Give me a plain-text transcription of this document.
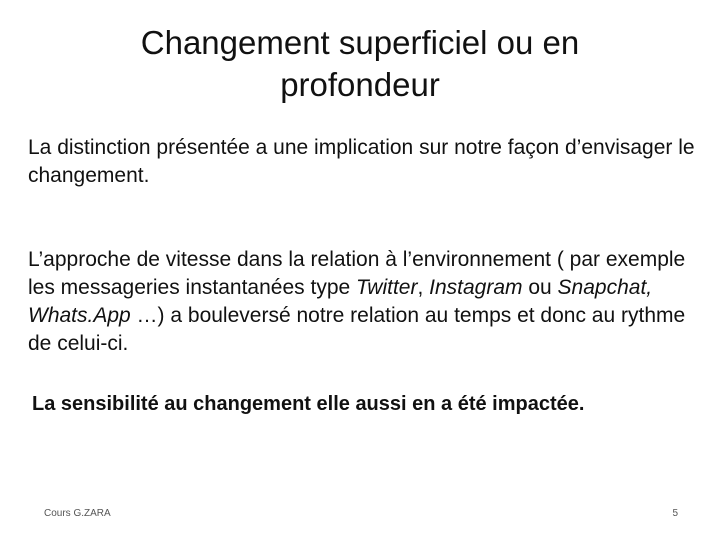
Changement superficiel ou en profondeur

La distinction présentée a une implication sur notre façon d’envisager le changement.

L’approche de vitesse dans la relation à l’environnement ( par exemple les messageries instantanées type Twitter, Instagram ou Snapchat, Whats.App …) a bouleversé notre relation au temps et donc au rythme de celui-ci.

La sensibilité au changement elle aussi en a été impactée.

Cours G.ZARA	5
